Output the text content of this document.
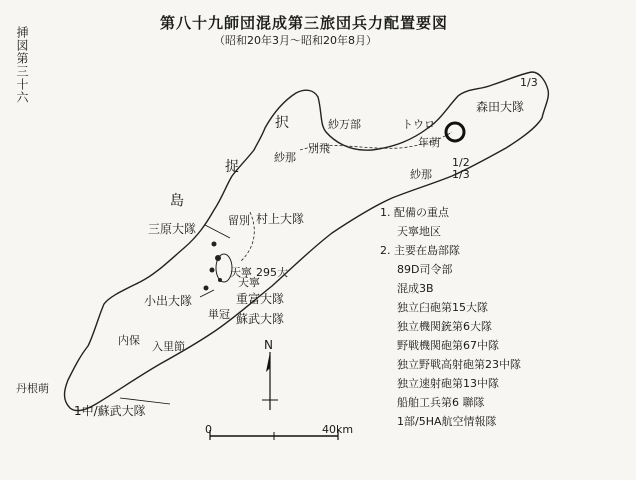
第八十九師団混成第三旅団兵力配置要図
（昭和20年3月〜昭和20年8月）
挿図第三十六
択
捉
島
紗万部	トウロ
別飛
紗那
年萌
紗那
留別
天寧
天寧
単冠
内保 入里節
丹根萌
森田大隊
1/3
1/2
1/3
村上大隊
三原大隊
295大
重富大隊
小出大隊
蘇武大隊
1中/蘇武大隊
N
0	40km
1. 配備の重点
天寧地区
2. 主要在島部隊
89D司令部
混成3B
独立臼砲第15大隊
独立機関銃第6大隊
野戦機関砲第67中隊
独立野戦高射砲第23中隊
独立速射砲第13中隊
船舶工兵第6 聯隊
1部/5HA航空情報隊
